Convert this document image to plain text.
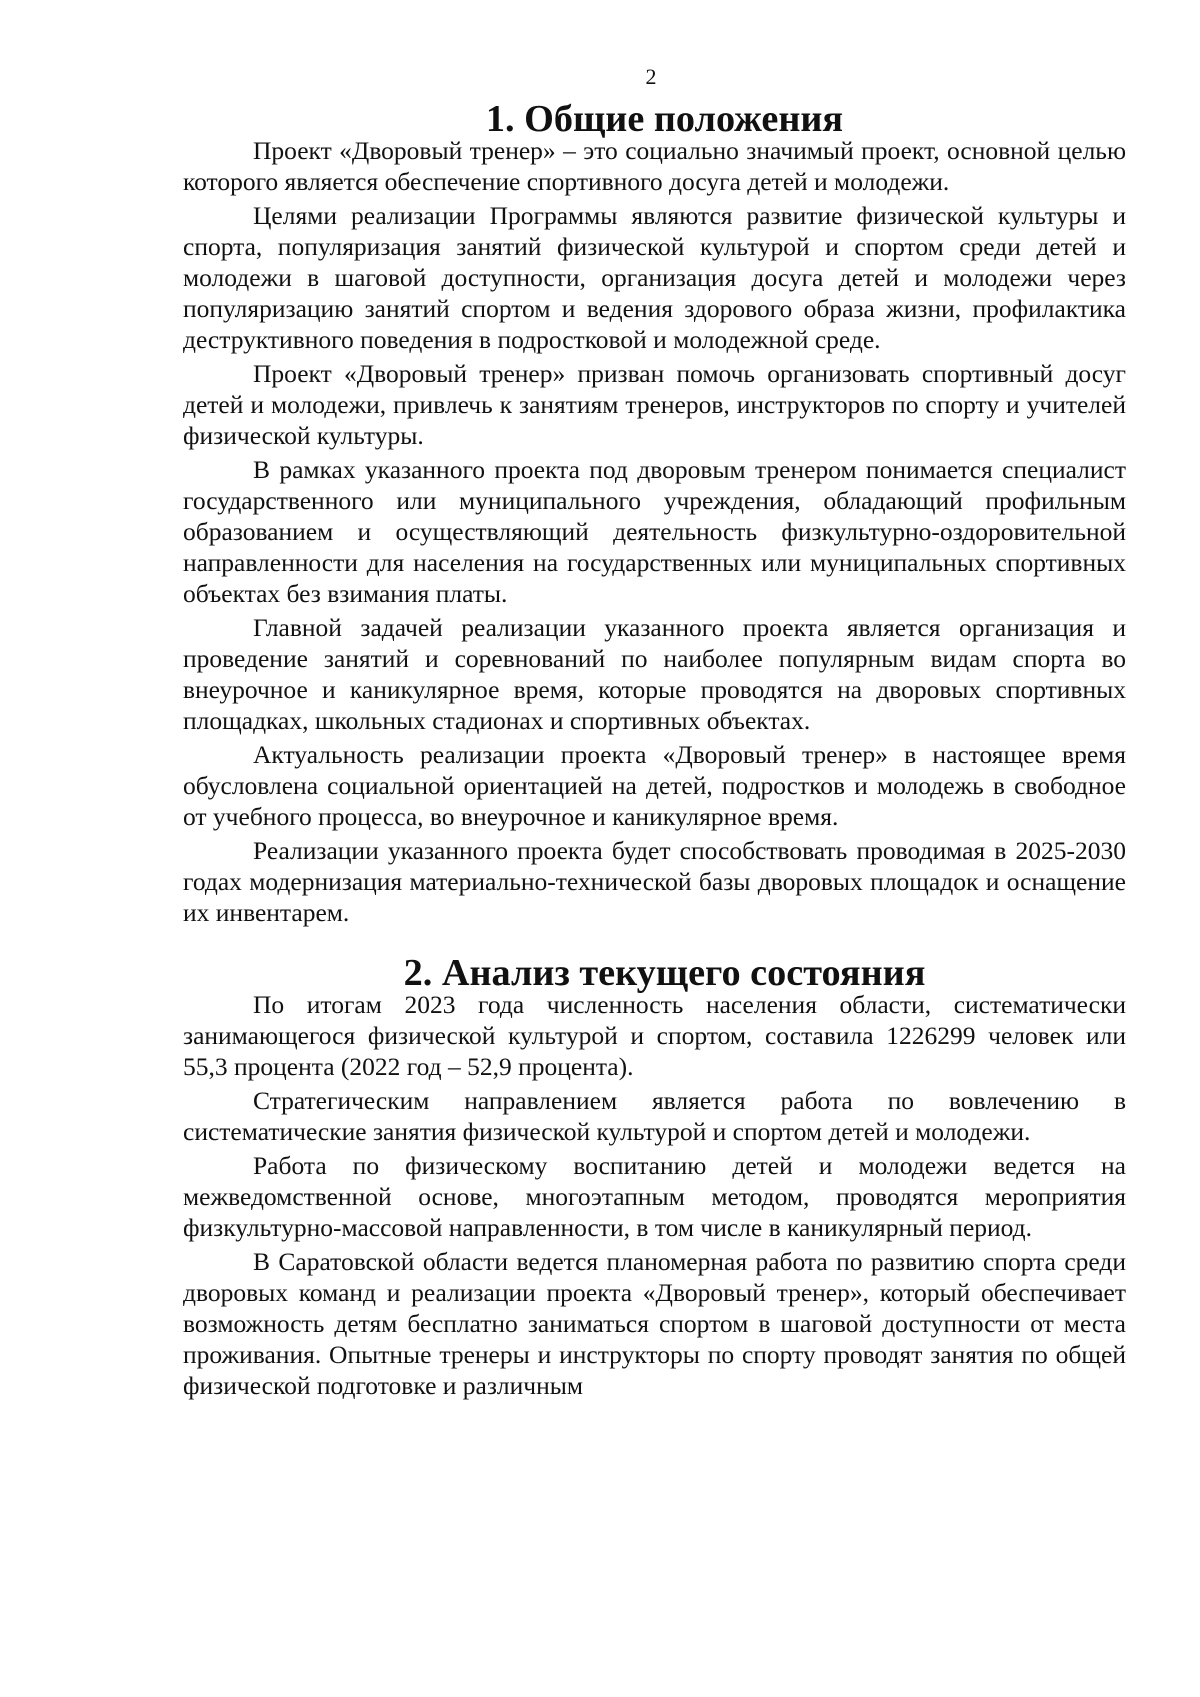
2
1. Общие положения

Проект «Дворовый тренер» – это социально значимый проект, основной целью которого является обеспечение спортивного досуга детей и молодежи.

Целями реализации Программы являются развитие физической культуры и спорта, популяризация занятий физической культурой и спортом среди детей и молодежи в шаговой доступности, организация досуга детей и молодежи через популяризацию занятий спортом и ведения здорового образа жизни, профилактика деструктивного поведения в подростковой и молодежной среде.

Проект «Дворовый тренер» призван помочь организовать спортивный досуг детей и молодежи, привлечь к занятиям тренеров, инструкторов по спорту и учителей физической культуры.

В рамках указанного проекта под дворовым тренером понимается специалист государственного или муниципального учреждения, обладающий профильным образованием и осуществляющий деятельность физкультурно-оздоровительной направленности для населения на государственных или муниципальных спортивных объектах без взимания платы.

Главной задачей реализации указанного проекта является организация и проведение занятий и соревнований по наиболее популярным видам спорта во внеурочное и каникулярное время, которые проводятся на дворовых спортивных площадках, школьных стадионах и спортивных объектах.

Актуальность реализации проекта «Дворовый тренер» в настоящее время обусловлена социальной ориентацией на детей, подростков и молодежь в свободное от учебного процесса, во внеурочное и каникулярное время.

Реализации указанного проекта будет способствовать проводимая в 2025-2030 годах модернизация материально-технической базы дворовых площадок и оснащение их инвентарем.

2. Анализ текущего состояния

По итогам 2023 года численность населения области, систематически занимающегося физической культурой и спортом, составила 1226299 человек или 55,3 процента (2022 год – 52,9 процента).

Стратегическим направлением является работа по вовлечению в систематические занятия физической культурой и спортом детей и молодежи.

Работа по физическому воспитанию детей и молодежи ведется на межведомственной основе, многоэтапным методом, проводятся мероприятия физкультурно-массовой направленности, в том числе в каникулярный период.

В Саратовской области ведется планомерная работа по развитию спорта среди дворовых команд и реализации проекта «Дворовый тренер», который обеспечивает возможность детям бесплатно заниматься спортом в шаговой доступности от места проживания. Опытные тренеры и инструкторы по спорту проводят занятия по общей физической подготовке и различным
